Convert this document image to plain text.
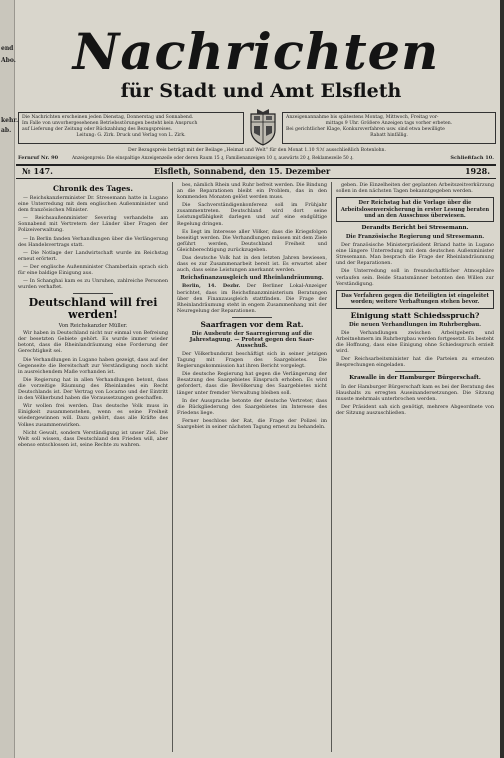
end
Abo.
kehr.
ab.
Nachrichten
für Stadt und Amt Elsfleth
Die Nachrichten erscheinen jeden Dienstag, Donnerstag und Sonnabend.
Im Falle von unvorhergesehenen Betriebsstörungen besteht kein Anspruch
auf Lieferung der Zeitung oder Rückzahlung des Bezugspreises.
Leitung: G. Zirk. Druck und Verlag von L. Zirk.
Anzeigenannahme bis spätestens Montag, Mittwoch, Freitag vor-
mittags 9 Uhr. Größere Anzeigen tags vorher erbeten.
Bei gerichtlicher Klage, Konkursverfahren usw. sind etwa bewilligte
Rabatt hinfällig.
Der Bezugspreis beträgt mit der Beilage „Heimat und Welt“ für den Monat 1.10 ℛℳ ausschließlich Botenlohn.
Fernruf Nr. 90	Anzeigenpreis: Die einspaltige Anzeigenzeile oder deren Raum 15 ₰, Familienanzeigen 10 ₰, auswärts 20 ₰, Reklamezeile 50 ₰.	Schließfach 10.
№ 147.	Elsfleth, Sonnabend, den 15. Dezember	1928.
Chronik des Tages.
— Reichskanzlerminister Dr. Stresemann hatte in Lugano eine Unterredung mit dem englischen Außenminister und dem französischen Minister.
— Reichsaußenminister Severing verhandelte am Sonnabend mit Vertretern der Länder über Fragen der Polizeiverwaltung.
— In Berlin fanden Verhandlungen über die Verlängerung des Handelsvertrags statt.
— Die Notlage der Landwirtschaft wurde im Reichstag erneut erörtert.
— Der englische Außenminister Chamberlain sprach sich für eine baldige Einigung aus.
— In Schanghai kam es zu Unruhen, zahlreiche Personen wurden verhaftet.
Deutschland will frei werden!
Von Reichskanzler Müller.
Wir haben in Deutschland nicht nur einmal von Befreiung der besetzten Gebiete gehört. Es wurde immer wieder betont, dass die Rheinlandräumung eine Forderung der Gerechtigkeit sei.
Die Verhandlungen in Lugano haben gezeigt, dass auf der Gegenseite die Bereitschaft zur Verständigung noch nicht in ausreichendem Maße vorhanden ist.
Die Regierung hat in allen Verhandlungen betont, dass die vorzeitige Räumung des Rheinlandes ein Recht Deutschlands ist. Der Vertrag von Locarno und der Eintritt in den Völkerbund haben die Voraussetzungen geschaffen.
Wir wollen frei werden. Das deutsche Volk muss in Einigkeit zusammenstehen, wenn es seine Freiheit wiedergewinnen will. Dazu gehört, dass alle Kräfte des Volkes zusammenwirken.
Nicht Gewalt, sondern Verständigung ist unser Ziel. Die Welt soll wissen, dass Deutschland den Frieden will, aber ebenso entschlossen ist, seine Rechte zu wahren.
bes, nämlich Rhein und Ruhr befreit werden. Die Bindung an die Reparationen bleibt ein Problem, das in den kommenden Monaten gelöst werden muss.
Die Sachverständigenkonferenz soll im Frühjahr zusammentreten. Deutschland wird dort seine Leistungsfähigkeit darlegen und auf eine endgültige Regelung dringen.
Es liegt im Interesse aller Völker, dass die Kriegsfolgen beseitigt werden. Die Verhandlungen müssen mit dem Ziele geführt werden, Deutschland Freiheit und Gleichberechtigung zurückzugeben.
Das deutsche Volk hat in den letzten Jahren bewiesen, dass es zur Zusammenarbeit bereit ist. Es erwartet aber auch, dass seine Leistungen anerkannt werden.
Reichsfinanzausgleich und Rheinlandräumung.
Berlin, 14. Dezbr. Der Berliner Lokal-Anzeiger berichtet, dass im Reichsfinanzministerium Beratungen über den Finanzausgleich stattfinden. Die Frage der Rheinlandräumung steht in engem Zusammenhang mit der Neuregelung der Reparationen.
Saarfragen vor dem Rat.
Die Ausbeute der Saarregierung auf die Jahrestagung. — Protest gegen den Saar-Ausschuß.
Der Völkerbundsrat beschäftigt sich in seiner jetzigen Tagung mit Fragen des Saargebietes. Die Regierungskommission hat ihren Bericht vorgelegt.
Die deutsche Regierung hat gegen die Verlängerung der Besatzung des Saargebietes Einspruch erhoben. Es wird gefordert, dass die Bevölkerung des Saargebietes nicht länger unter fremder Verwaltung bleiben soll.
In der Aussprache betonte der deutsche Vertreter, dass die Rückgliederung des Saargebietes im Interesse des Friedens liege.
Ferner beschloss der Rat, die Frage der Polizei im Saargebiet in seiner nächsten Tagung erneut zu behandeln.
geben. Die Einzelheiten der geplanten Arbeitszeitverkürzung sollen in den nächsten Tagen bekanntgegeben werden.
Der Reichstag hat die Vorlage über die Arbeitslosenversicherung in erster Lesung beraten und an den Ausschuss überwiesen.
Derandts Bericht bei Stresemann.
Die Französische Regierung und Stresemann.
Der französische Ministerpräsident Briand hatte in Lugano eine längere Unterredung mit dem deutschen Außenminister Stresemann. Man besprach die Frage der Rheinlandräumung und der Reparationen.
Die Unterredung soll in freundschaftlicher Atmosphäre verlaufen sein. Beide Staatsmänner betonten den Willen zur Verständigung.
Das Verfahren gegen die Beteiligten ist eingeleitet worden; weitere Verhaftungen stehen bevor.
Einigung statt Schiedsspruch?
Die neuen Verhandlungen im Ruhrbergbau.
Die Verhandlungen zwischen Arbeitgebern und Arbeitnehmern im Ruhrbergbau werden fortgesetzt. Es besteht die Hoffnung, dass eine Einigung ohne Schiedsspruch erzielt wird.
Der Reichsarbeitsminister hat die Parteien zu erneuten Besprechungen eingeladen.
Krawalle in der Hamburger Bürgerschaft.
In der Hamburger Bürgerschaft kam es bei der Beratung des Haushalts zu erregten Auseinandersetzungen. Die Sitzung musste mehrmals unterbrochen werden.
Der Präsident sah sich genötigt, mehrere Abgeordnete von der Sitzung auszuschließen.
